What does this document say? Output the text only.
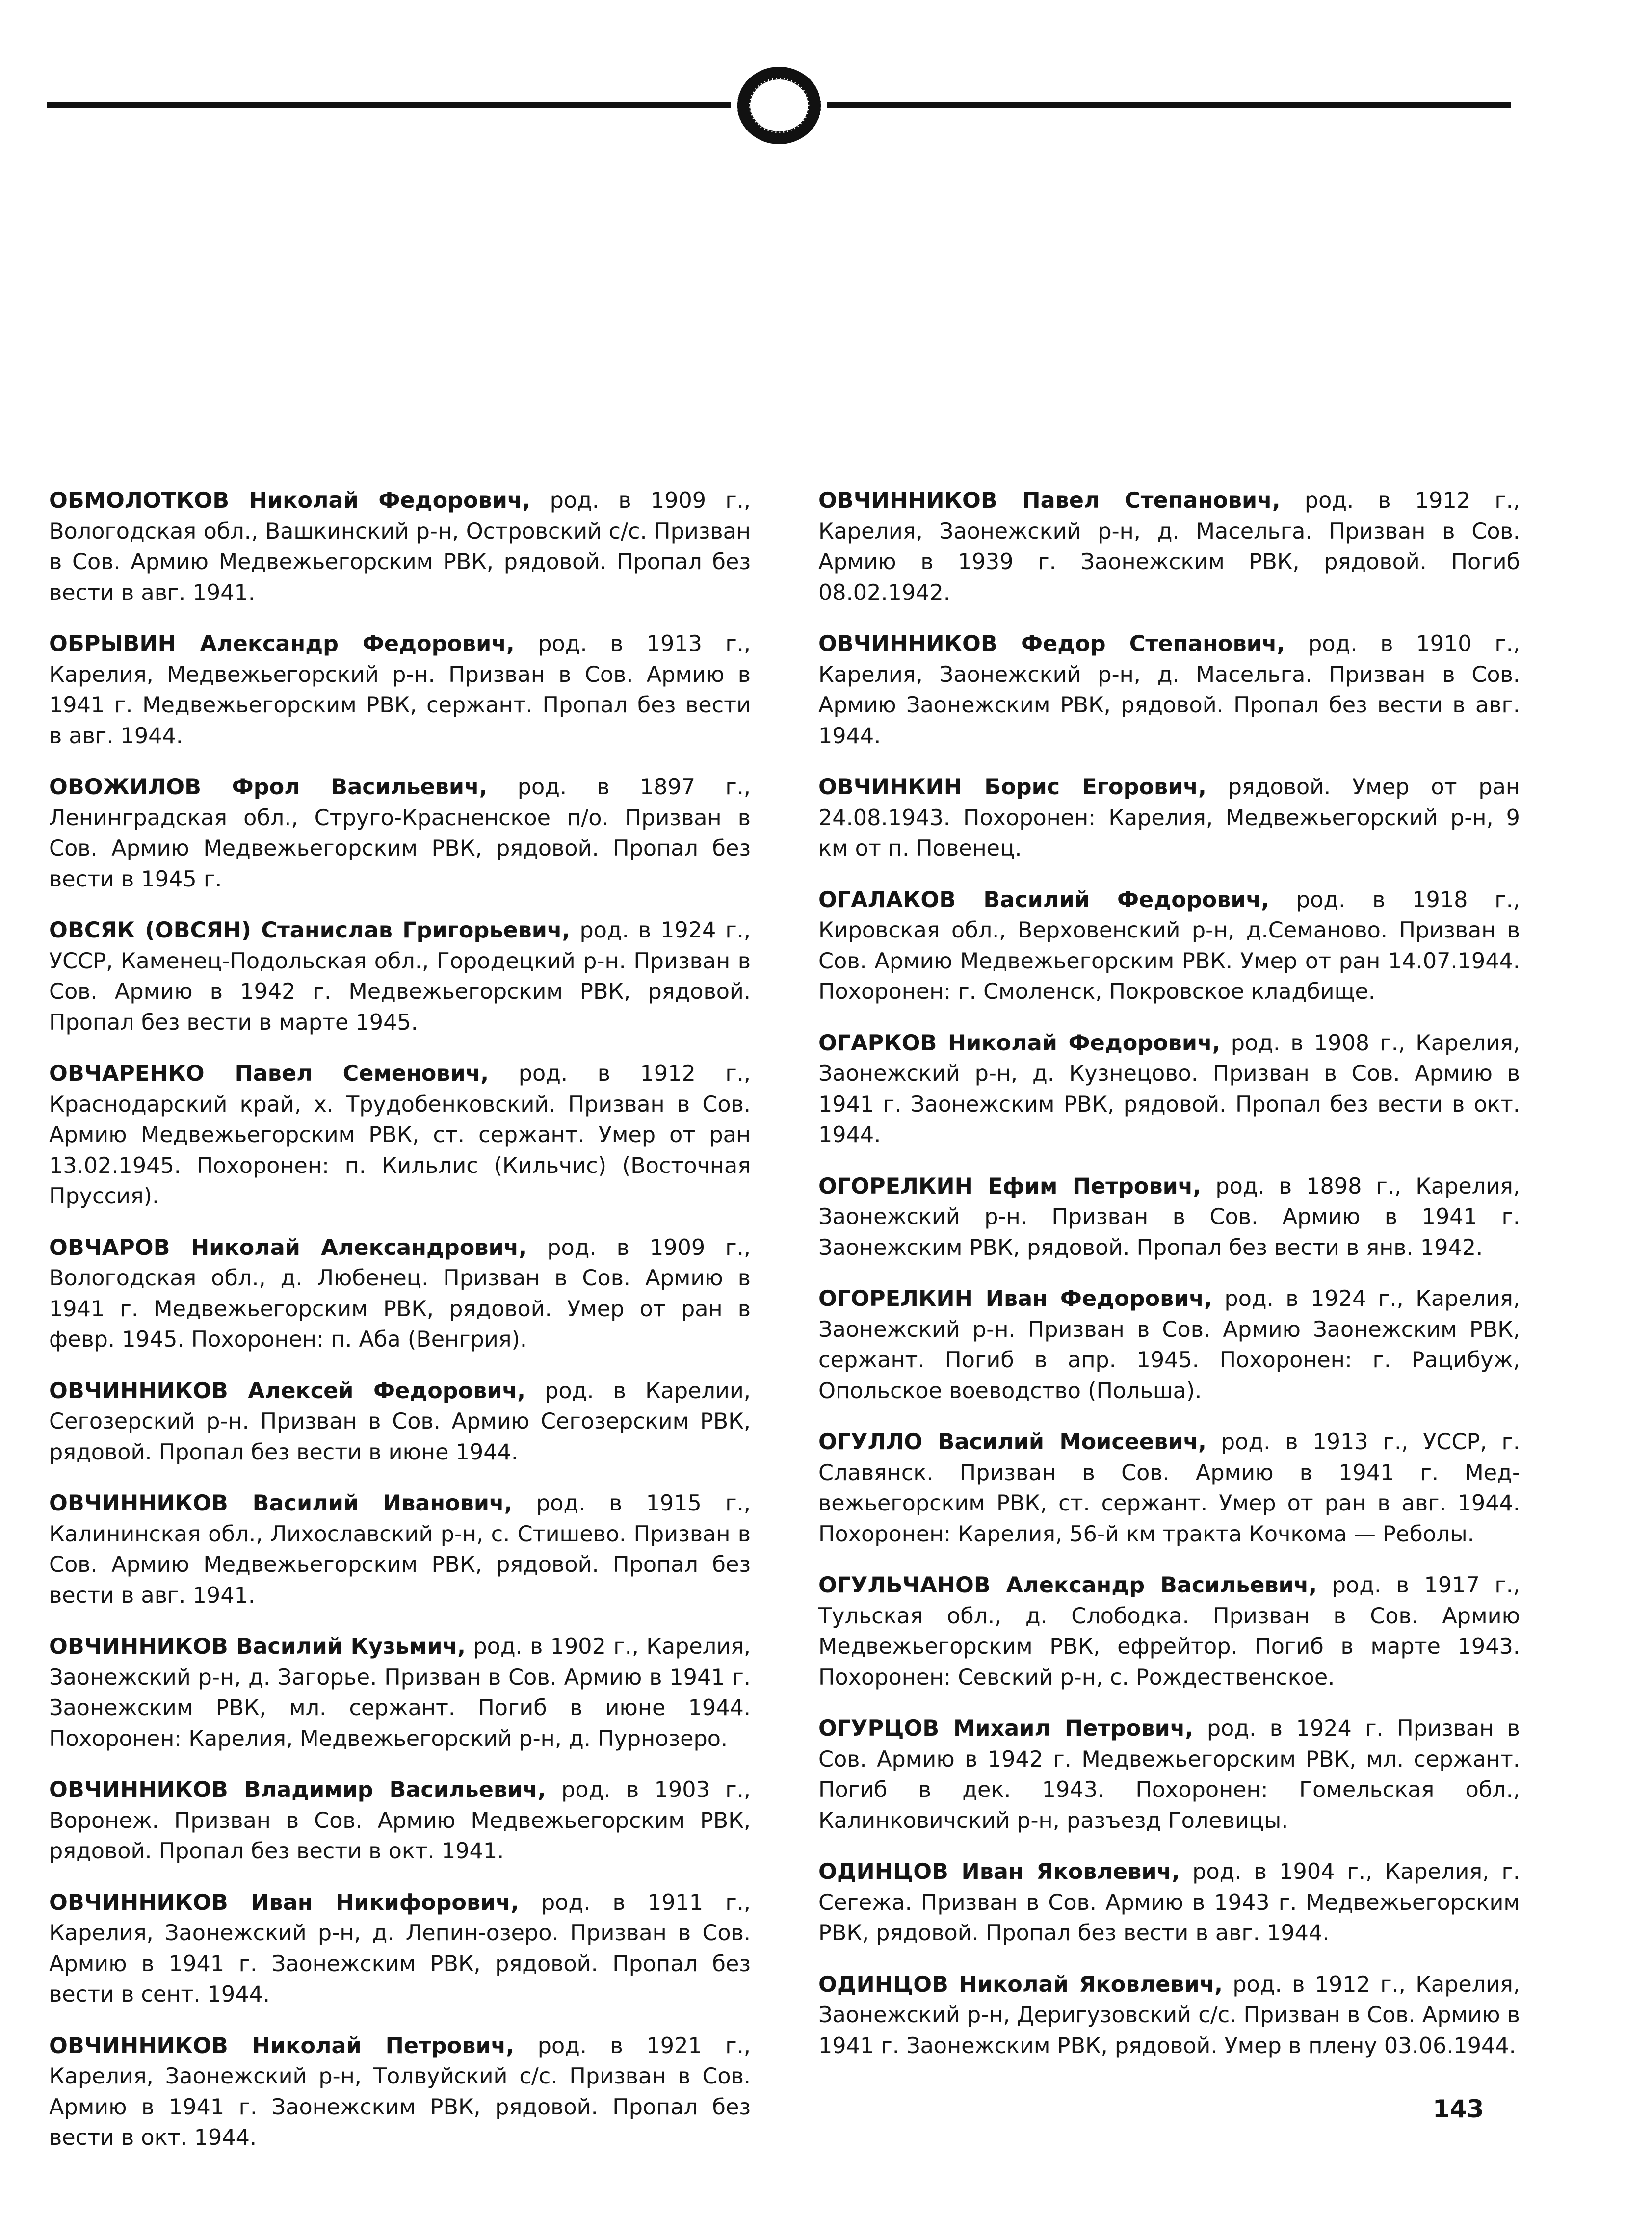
ОБМОЛОТКОВ Николай Федорович, род. в 1909 г., Вологодская обл., Вашкинский р-н, Островский с/с. Призван в Сов. Армию Медвежьегорским РВК, рядовой. Пропал без вести в авг. 1941.

ОБРЫВИН Александр Федорович, род. в 1913 г., Карелия, Медвежьегорский р-н. Призван в Сов. Армию в 1941 г. Медвежьегорским РВК, сержант. Пропал без вести в авг. 1944.

ОВОЖИЛОВ Фрол Васильевич, род. в 1897 г., Ленинградская обл., Струго-Красненское п/о. Призван в Сов. Армию Медвежьегорским РВК, рядовой. Пропал без вести в 1945 г.

ОВСЯК (ОВСЯН) Станислав Григорьевич, род. в 1924 г., УССР, Каменец-Подольская обл., Городецкий р-н. Призван в Сов. Армию в 1942 г. Медвежьегорским РВК, рядовой. Пропал без вести в марте 1945.

ОВЧАРЕНКО Павел Семенович, род. в 1912 г., Краснодарский край, х. Трудобенковский. Призван в Сов. Армию Медвежьегорским РВК, ст. сержант. Умер от ран 13.02.1945. Похоронен: п. Кильлис (Кильчис) (Восточная Пруссия).

ОВЧАРОВ Николай Александрович, род. в 1909 г., Вологодская обл., д. Любенец. Призван в Сов. Армию в 1941 г. Медвежьегорским РВК, рядовой. Умер от ран в февр. 1945. Похоронен: п. Аба (Венгрия).

ОВЧИННИКОВ Алексей Федорович, род. в Карелии, Сегозерский р-н. Призван в Сов. Армию Сегозерским РВК, рядовой. Пропал без вести в июне 1944.

ОВЧИННИКОВ Василий Иванович, род. в 1915 г., Калининская обл., Лихославский р-н, с. Стишево. Призван в Сов. Армию Медвежьегорским РВК, рядовой. Пропал без вести в авг. 1941.

ОВЧИННИКОВ Василий Кузьмич, род. в 1902 г., Карелия, Заонежский р-н, д. Загорье. Призван в Сов. Армию в 1941 г. Заонежским РВК, мл. сержант. Погиб в июне 1944. Похоронен: Карелия, Медвежьегорский р-н, д. Пурнозеро.

ОВЧИННИКОВ Владимир Васильевич, род. в 1903 г., Воронеж. Призван в Сов. Армию Медвежьегорским РВК, рядовой. Пропал без вести в окт. 1941.

ОВЧИННИКОВ Иван Никифорович, род. в 1911 г., Карелия, Заонежский р-н, д. Лепин-озеро. Призван в Сов. Армию в 1941 г. Заонежским РВК, рядовой. Пропал без вести в сент. 1944.

ОВЧИННИКОВ Николай Петрович, род. в 1921 г., Карелия, Заонежский р-н, Толвуйский с/с. Призван в Сов. Армию в 1941 г. Заонежским РВК, рядовой. Пропал без вести в окт. 1944.

ОВЧИННИКОВ Павел Степанович, род. в 1912 г., Карелия, Заонежский р-н, д. Масельга. Призван в Сов. Армию в 1939 г. Заонежским РВК, рядовой. Погиб 08.02.1942.

ОВЧИННИКОВ Федор Степанович, род. в 1910 г., Карелия, Заонежский р-н, д. Масельга. Призван в Сов. Армию Заонежским РВК, рядовой. Пропал без вести в авг. 1944.

ОВЧИНКИН Борис Егорович, рядовой. Умер от ран 24.08.1943. Похоронен: Карелия, Медвежьегорский р-н, 9 км от п. Повенец.

ОГАЛАКОВ Василий Федорович, род. в 1918 г., Кировская обл., Верховенский р-н, д.Семаново. Призван в Сов. Армию Медвежьегорским РВК. Умер от ран 14.07.1944. Похоронен: г. Смоленск, Покровское кладбище.

ОГАРКОВ Николай Федорович, род. в 1908 г., Карелия, Заонежский р-н, д. Кузнецово. Призван в Сов. Армию в 1941 г. Заонежским РВК, рядовой. Пропал без вести в окт. 1944.

ОГОРЕЛКИН Ефим Петрович, род. в 1898 г., Карелия, Заонежский р-н. Призван в Сов. Армию в 1941 г. Заонежским РВК, рядовой. Пропал без вести в янв. 1942.

ОГОРЕЛКИН Иван Федорович, род. в 1924 г., Карелия, Заонежский р-н. Призван в Сов. Армию Заонежским РВК, сержант. Погиб в апр. 1945. Похоронен: г. Рацибуж, Опольское воеводство (Польша).

ОГУЛЛО Василий Моисеевич, род. в 1913 г., УССР, г. Славянск. Призван в Сов. Армию в 1941 г. Медвежьегорским РВК, ст. сержант. Умер от ран в авг. 1944. Похоронен: Карелия, 56-й км тракта Кочкома — Реболы.

ОГУЛЬЧАНОВ Александр Васильевич, род. в 1917 г., Тульская обл., д. Слободка. Призван в Сов. Армию Медвежьегорским РВК, ефрейтор. Погиб в марте 1943. Похоронен: Севский р-н, с. Рождественское.

ОГУРЦОВ Михаил Петрович, род. в 1924 г. Призван в Сов. Армию в 1942 г. Медвежьегорским РВК, мл. сержант. Погиб в дек. 1943. Похоронен: Гомельская обл., Калинковичский р-н, разъезд Голевицы.

ОДИНЦОВ Иван Яковлевич, род. в 1904 г., Карелия, г. Сегежа. Призван в Сов. Армию в 1943 г. Медвежьегорским РВК, рядовой. Пропал без вести в авг. 1944.

ОДИНЦОВ Николай Яковлевич, род. в 1912 г., Карелия, Заонежский р-н, Деригузовский с/с. Призван в Сов. Армию в 1941 г. Заонежским РВК, рядовой. Умер в плену 03.06.1944.

143
